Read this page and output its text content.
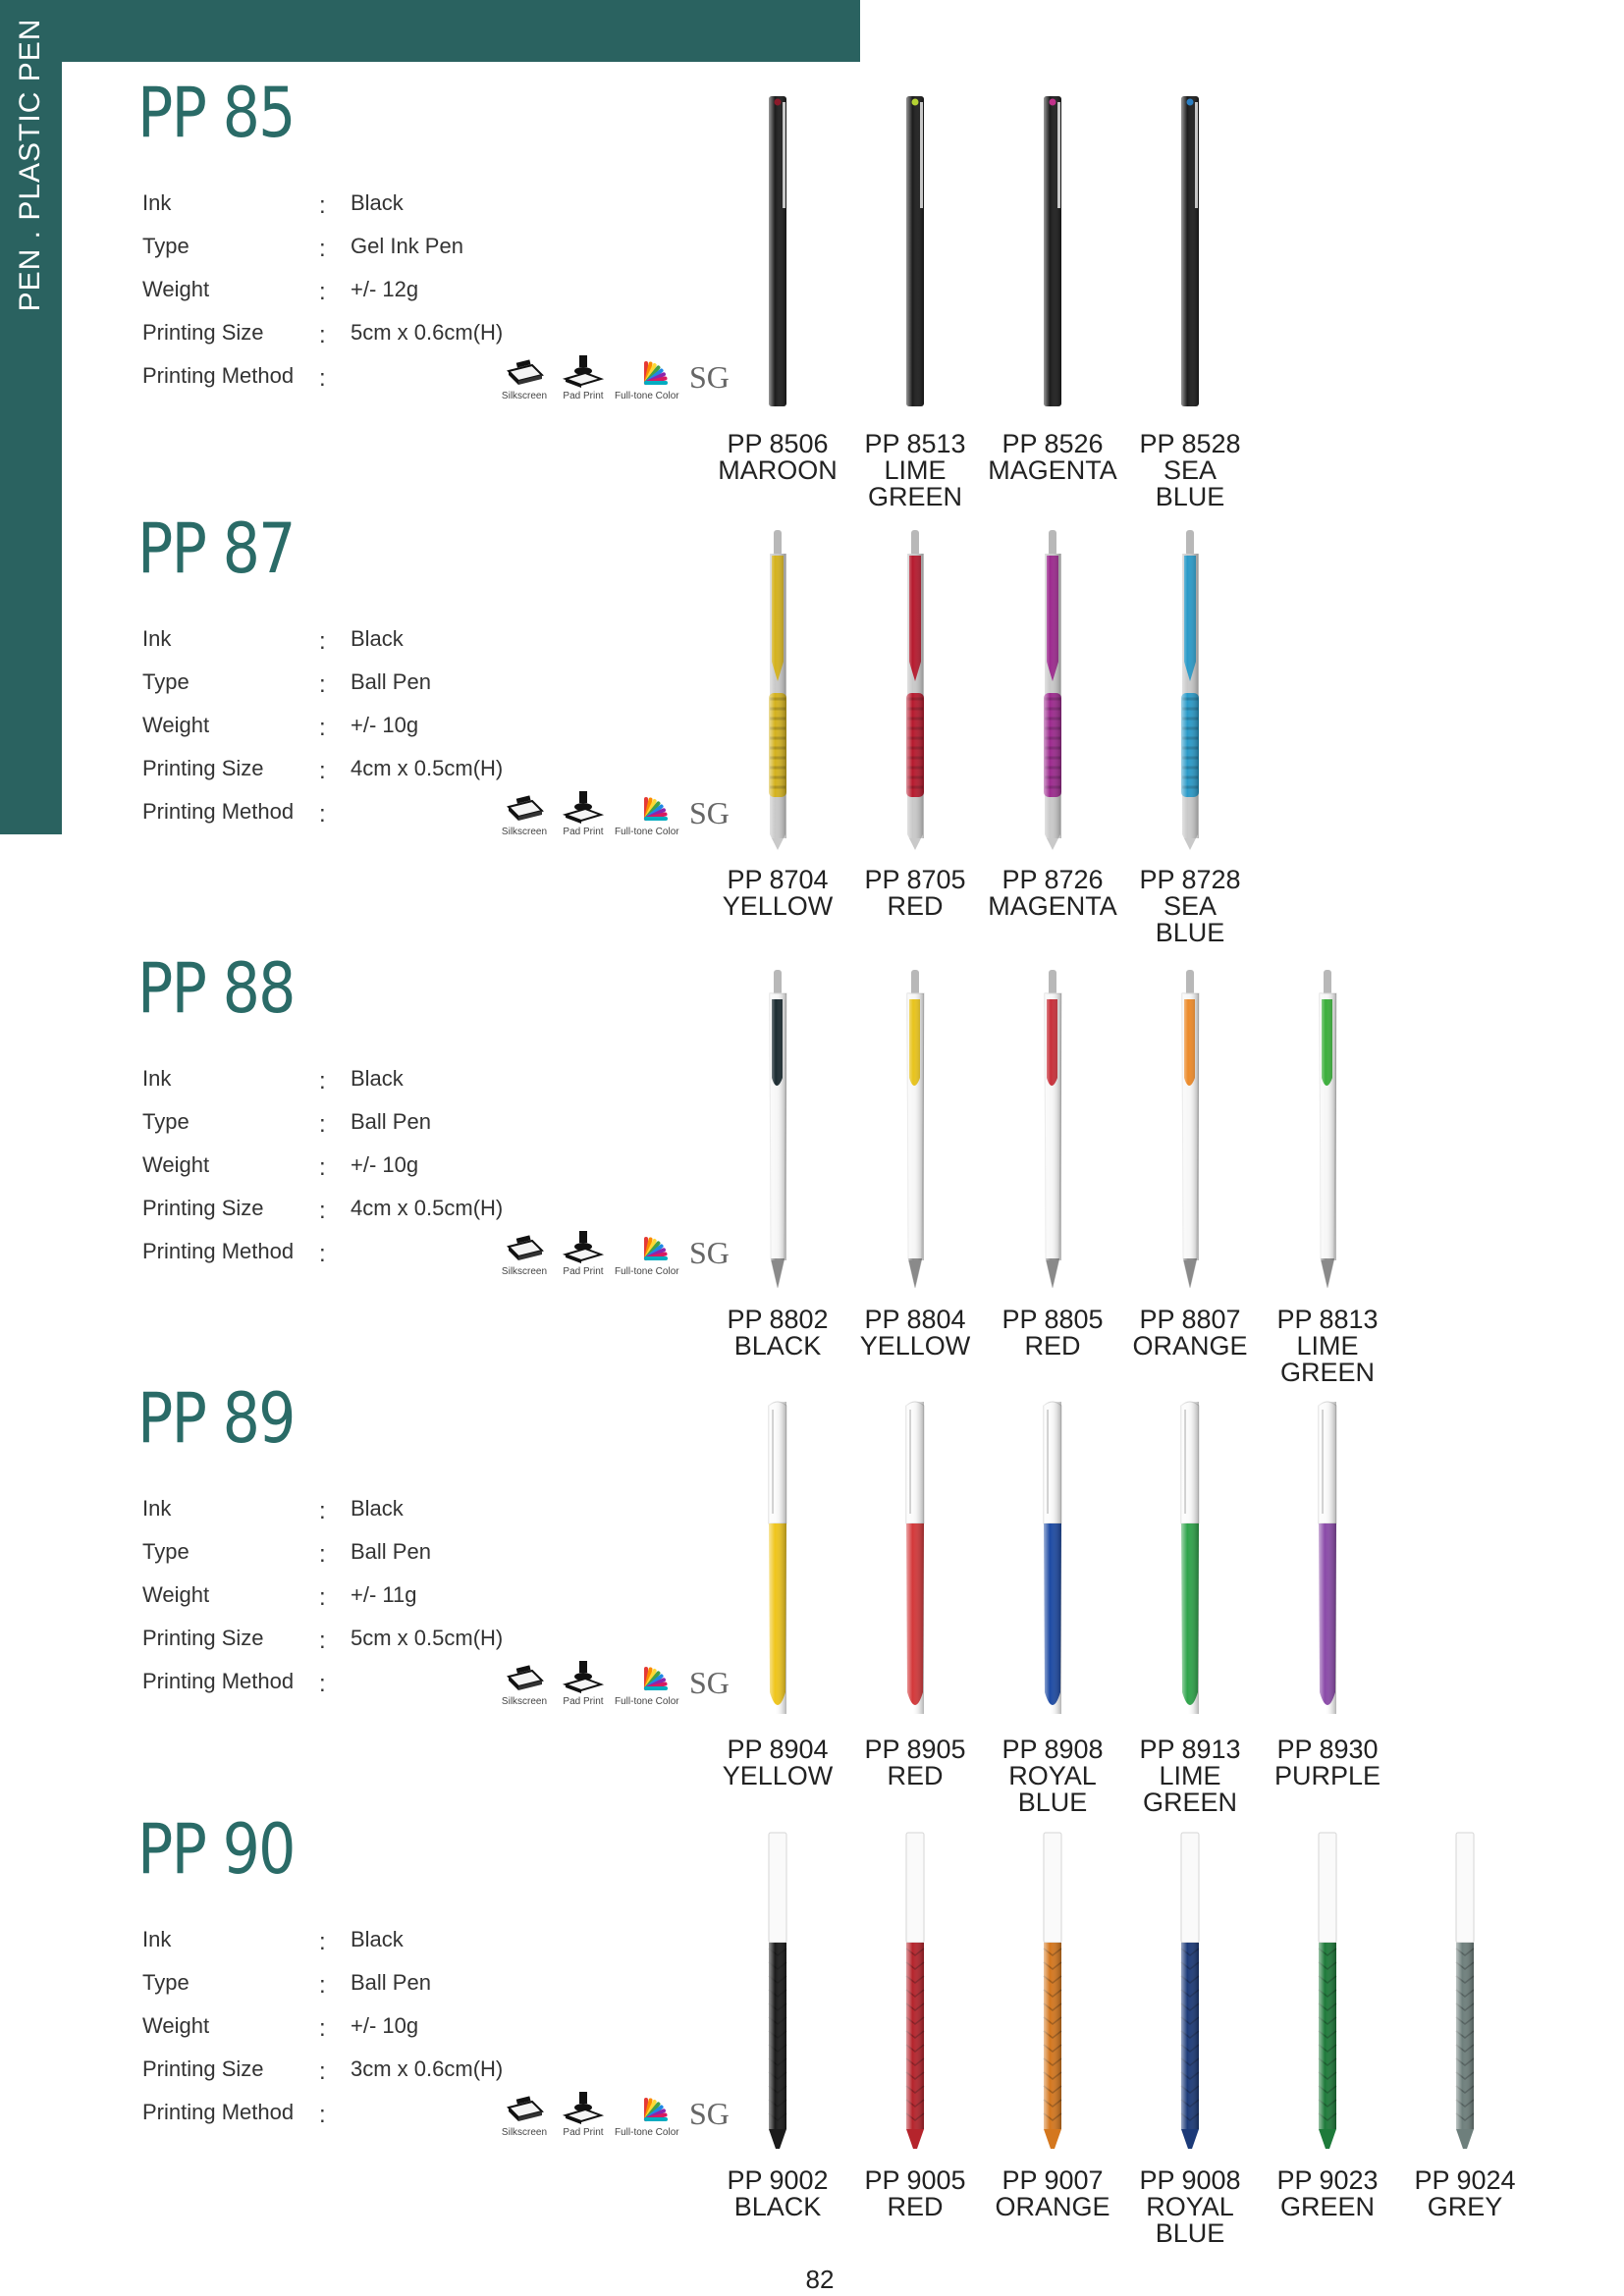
PEN . PLASTIC PEN PP 85
Ink	: Black
Type	: Gel Ink Pen
Weight	: +/- 12g
Printing Size : 5cm x 0.6cm(H)
Printing Method :
Silkscreen	Pad Print	Full-tone Color
SG
PP 8506
MAROON
PP 8513
LIME
GREEN
PP 8526
MAGENTA
PP 8528
SEA
BLUE
PP 87
Ink	: Black
Type	: Ball Pen
Weight	: +/- 10g
Printing Size : 4cm x 0.5cm(H)
Printing Method :
Silkscreen	Pad Print	Full-tone Color
SG
PP 8704
YELLOW
PP 8705
RED
PP 8726
MAGENTA
PP 8728
SEA
BLUE
PP 88
Ink	: Black
Type	: Ball Pen
Weight	: +/- 10g
Printing Size : 4cm x 0.5cm(H)
Printing Method :
Silkscreen	Pad Print	Full-tone Color
SG
PP 8802
BLACK
PP 8804
YELLOW
PP 8805
RED
PP 8807
ORANGE
PP 8813
LIME
GREEN
PP 89
Ink	: Black
Type	: Ball Pen
Weight	: +/- 11g
Printing Size : 5cm x 0.5cm(H)
Printing Method :
Silkscreen	Pad Print	Full-tone Color
SG
PP 8904
YELLOW
PP 8905
RED
PP 8908
ROYAL
BLUE
PP 8913
LIME
GREEN
PP 8930
PURPLE
PP 90
Ink	: Black
Type	: Ball Pen
Weight	: +/- 10g
Printing Size : 3cm x 0.6cm(H)
Printing Method :
Silkscreen	Pad Print	Full-tone Color
SG
PP 9002
BLACK
PP 9005
RED
PP 9007
ORANGE
PP 9008
ROYAL
BLUE
PP 9023
GREEN
PP 9024
GREY
82
